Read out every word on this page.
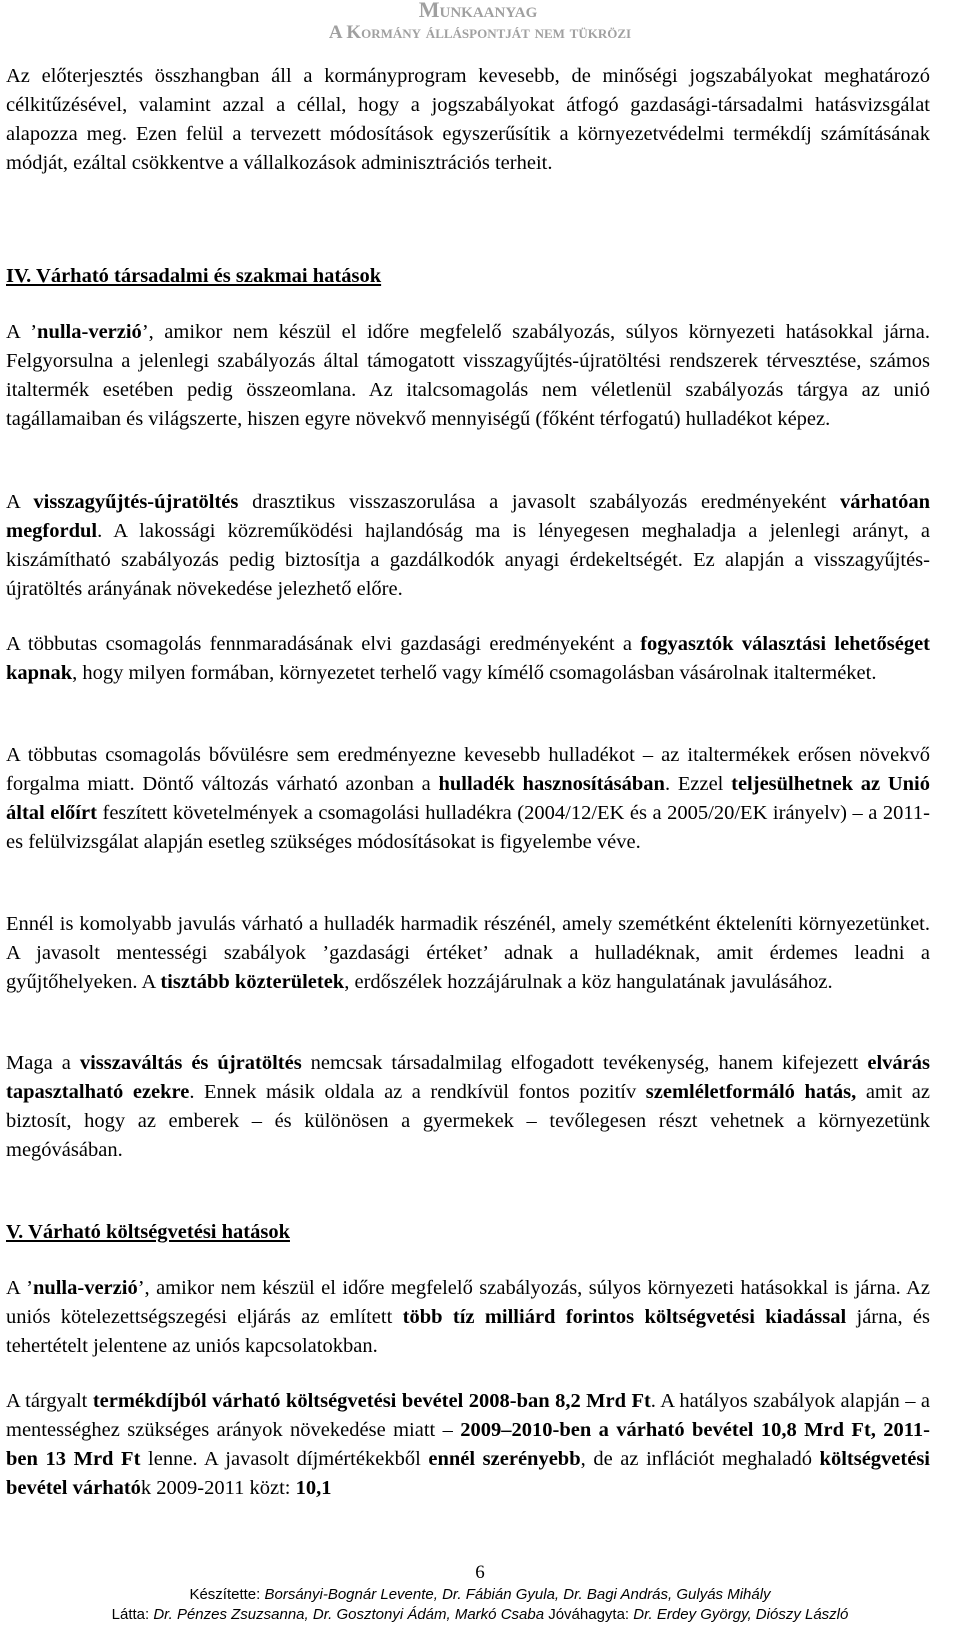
Munkaanyag
A Kormány álláspontját nem tükrözi

Az előterjesztés összhangban áll a kormányprogram kevesebb, de minőségi jogszabályokat meghatározó célkitűzésével, valamint azzal a céllal, hogy a jogszabályokat átfogó gazdasági-társadalmi hatásvizsgálat alapozza meg. Ezen felül a tervezett módosítások egyszerűsítik a környezetvédelmi termékdíj számításának módját, ezáltal csökkentve a vállalkozások adminisztrációs terheit.

IV. Várható társadalmi és szakmai hatások

A ’nulla-verzió’, amikor nem készül el időre megfelelő szabályozás, súlyos környezeti hatásokkal járna. Felgyorsulna a jelenlegi szabályozás által támogatott visszagyűjtés-újratöltési rendszerek térvesztése, számos italtermék esetében pedig összeomlana. Az italcsomagolás nem véletlenül szabályozás tárgya az unió tagállamaiban és világszerte, hiszen egyre növekvő mennyiségű (főként térfogatú) hulladékot képez.

A visszagyűjtés-újratöltés drasztikus visszaszorulása a javasolt szabályozás eredményeként várhatóan megfordul. A lakossági közreműködési hajlandóság ma is lényegesen meghaladja a jelenlegi arányt, a kiszámítható szabályozás pedig biztosítja a gazdálkodók anyagi érdekeltségét. Ez alapján a visszagyűjtés-újratöltés arányának növekedése jelezhető előre.

A többutas csomagolás fennmaradásának elvi gazdasági eredményeként a fogyasztók választási lehetőséget kapnak, hogy milyen formában, környezetet terhelő vagy kímélő csomagolásban vásárolnak italterméket.

A többutas csomagolás bővülésre sem eredményezne kevesebb hulladékot – az italtermékek erősen növekvő forgalma miatt. Döntő változás várható azonban a hulladék hasznosításában. Ezzel teljesülhetnek az Unió által előírt feszített követelmények a csomagolási hulladékra (2004/12/EK és a 2005/20/EK irányelv) – a 2011-es felülvizsgálat alapján esetleg szükséges módosításokat is figyelembe véve.

Ennél is komolyabb javulás várható a hulladék harmadik részénél, amely szemétként ékteleníti környezetünket. A javasolt mentességi szabályok ’gazdasági értéket’ adnak a hulladéknak, amit érdemes leadni a gyűjtőhelyeken. A tisztább közterületek, erdőszélek hozzájárulnak a köz hangulatának javulásához.

Maga a visszaváltás és újratöltés nemcsak társadalmilag elfogadott tevékenység, hanem kifejezett elvárás tapasztalható ezekre. Ennek másik oldala az a rendkívül fontos pozitív szemléletformáló hatás, amit az biztosít, hogy az emberek – és különösen a gyermekek – tevőlegesen részt vehetnek a környezetünk megóvásában.

V. Várható költségvetési hatások

A ’nulla-verzió’, amikor nem készül el időre megfelelő szabályozás, súlyos környezeti hatásokkal is járna. Az uniós kötelezettségszegési eljárás az említett több tíz milliárd forintos költségvetési kiadással járna, és tehertételt jelentene az uniós kapcsolatokban.

A tárgyalt termékdíjból várható költségvetési bevétel 2008-ban 8,2 Mrd Ft. A hatályos szabályok alapján – a mentességhez szükséges arányok növekedése miatt – 2009–2010-ben a várható bevétel 10,8 Mrd Ft, 2011-ben 13 Mrd Ft lenne. A javasolt díjmértékekből ennél szerényebb, de az inflációt meghaladó költségvetési bevétel várhatók 2009-2011 közt: 10,1

6
Készítette: Borsányi-Bognár Levente, Dr. Fábián Gyula, Dr. Bagi András, Gulyás Mihály
Látta: Dr. Pénzes Zsuzsanna, Dr. Gosztonyi Ádám, Markó Csaba Jóváhagyta: Dr. Erdey György, Diószy László
